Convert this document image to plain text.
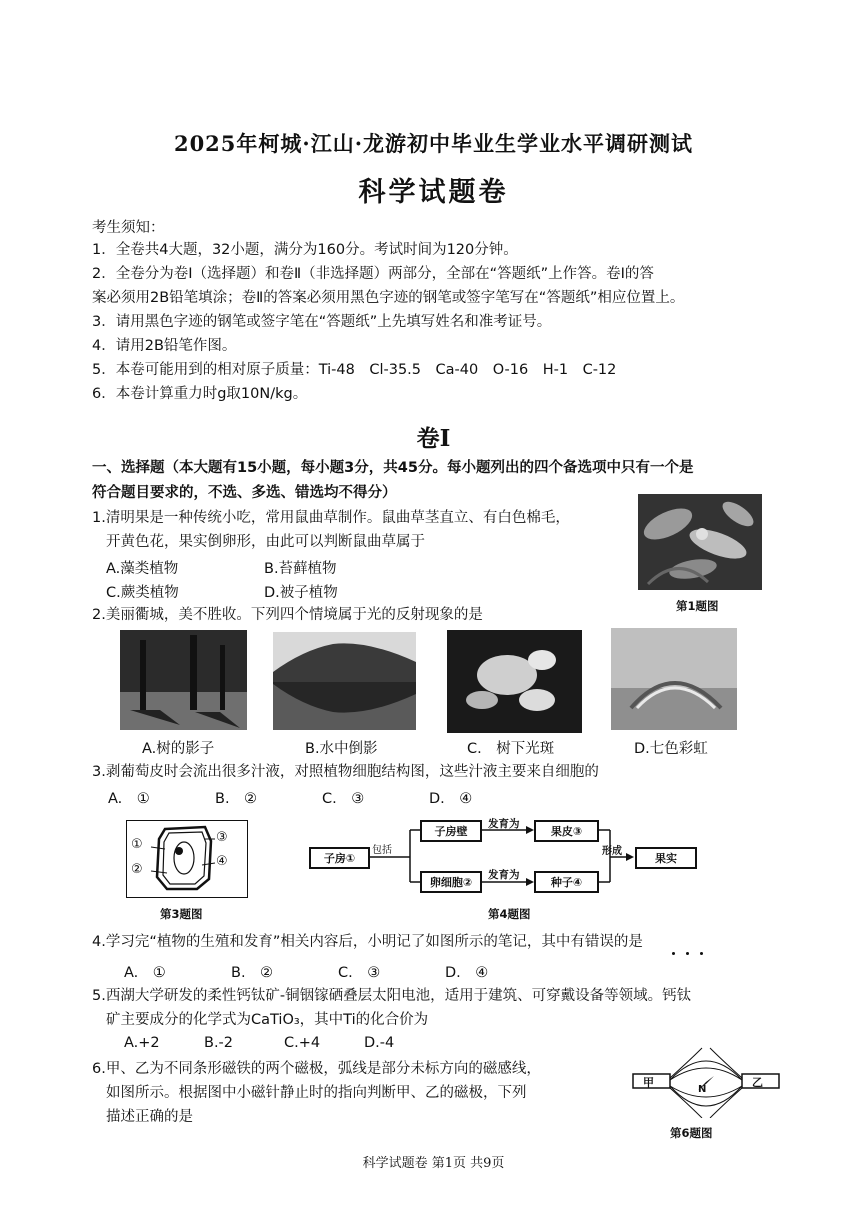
2025年柯城·江山·龙游初中毕业生学业水平调研测试
科学试题卷
考生须知：
1．全卷共4大题，32小题，满分为160分。考试时间为120分钟。
2．全卷分为卷Ⅰ（选择题）和卷Ⅱ（非选择题）两部分，全部在“答题纸”上作答。卷Ⅰ的答
案必须用2B铅笔填涂；卷Ⅱ的答案必须用黑色字迹的钢笔或签字笔写在“答题纸”相应位置上。
3．请用黑色字迹的钢笔或签字笔在“答题纸”上先填写姓名和准考证号。
4．请用2B铅笔作图。
5．本卷可能用到的相对原子质量：Ti-48　Cl-35.5　Ca-40　O-16　H-1　C-12
6．本卷计算重力时g取10N/kg。
卷Ⅰ
一、选择题（本大题有15小题，每小题3分，共45分。每小题列出的四个备选项中只有一个是
符合题目要求的，不选、多选、错选均不得分）
1.清明果是一种传统小吃，常用鼠曲草制作。鼠曲草茎直立、有白色棉毛，
开黄色花，果实倒卵形，由此可以判断鼠曲草属于
A.藻类植物	B.苔藓植物
C.蕨类植物	D.被子植物
第1题图
2.美丽衢城，美不胜收。下列四个情境属于光的反射现象的是
A.树的影子	B.水中倒影	C.　树下光斑	D.七色彩虹
3.剥葡萄皮时会流出很多汁液，对照植物细胞结构图，这些汁液主要来自细胞的
A.　①	B.　②	C.　③	D.　④
①
②
③
④
第3题图
子房①
子房壁
卵细胞②
果皮③
种子④
果实
包括
发育为
发育为
形成
第4题图
4.学习完“植物的生殖和发育”相关内容后，小明记了如图所示的笔记，其中有错误的是
A.　①	B.　②	C.　③	D.　④
5.西湖大学研发的柔性钙钛矿-铜铟镓硒叠层太阳电池，适用于建筑、可穿戴设备等领域。钙钛
矿主要成分的化学式为CaTiO₃，其中Ti的化合价为
A.+2	B.-2	C.+4	D.-4
6.甲、乙为不同条形磁铁的两个磁极，弧线是部分未标方向的磁感线，
如图所示。根据图中小磁针静止时的指向判断甲、乙的磁极，下列
描述正确的是
甲	乙
N
第6题图
科学试题卷 第1页 共9页
